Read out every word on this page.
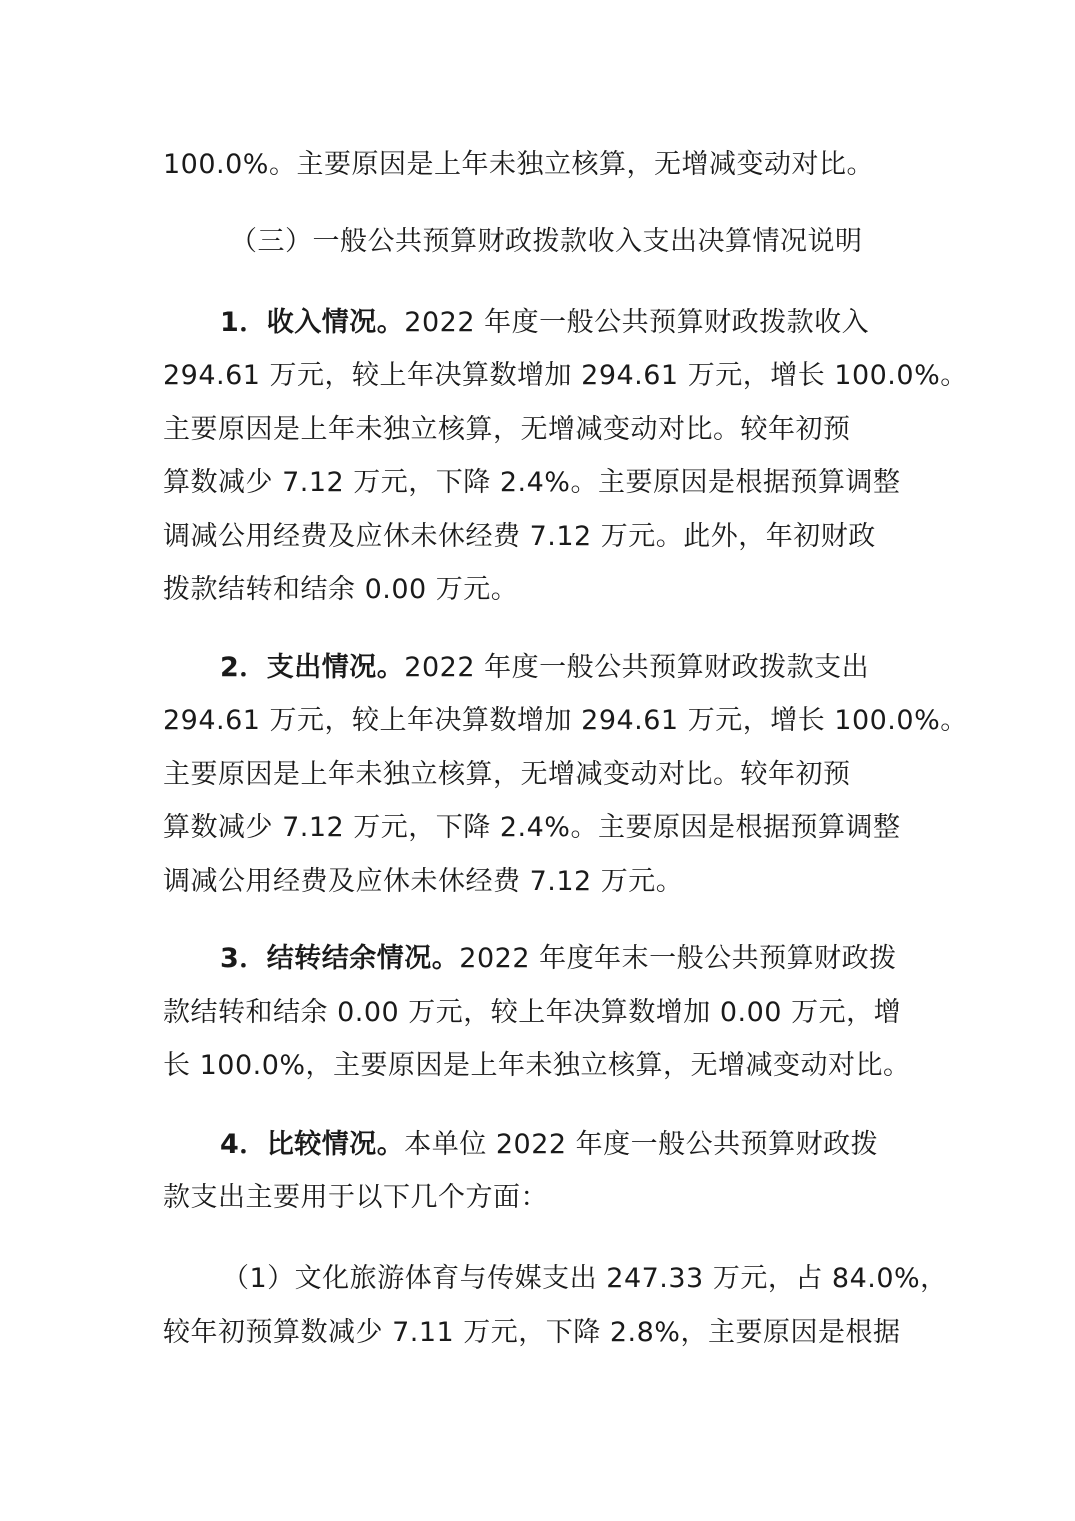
100.0%。主要原因是上年未独立核算，无增减变动对比。
（三）一般公共预算财政拨款收入支出决算情况说明
1．收入情况。2022 年度一般公共预算财政拨款收入
294.61 万元，较上年决算数增加 294.61 万元，增长 100.0%。
主要原因是上年未独立核算，无增减变动对比。较年初预
算数减少 7.12 万元，下降 2.4%。主要原因是根据预算调整
调减公用经费及应休未休经费 7.12 万元。此外，年初财政
拨款结转和结余 0.00 万元。
2．支出情况。2022 年度一般公共预算财政拨款支出
294.61 万元，较上年决算数增加 294.61 万元，增长 100.0%。
主要原因是上年未独立核算，无增减变动对比。较年初预
算数减少 7.12 万元，下降 2.4%。主要原因是根据预算调整
调减公用经费及应休未休经费 7.12 万元。
3．结转结余情况。2022 年度年末一般公共预算财政拨
款结转和结余 0.00 万元，较上年决算数增加 0.00 万元，增
长 100.0%，主要原因是上年未独立核算，无增减变动对比。
4．比较情况。本单位 2022 年度一般公共预算财政拨
款支出主要用于以下几个方面：
（1）文化旅游体育与传媒支出 247.33 万元，占 84.0%，
较年初预算数减少 7.11 万元，下降 2.8%，主要原因是根据
